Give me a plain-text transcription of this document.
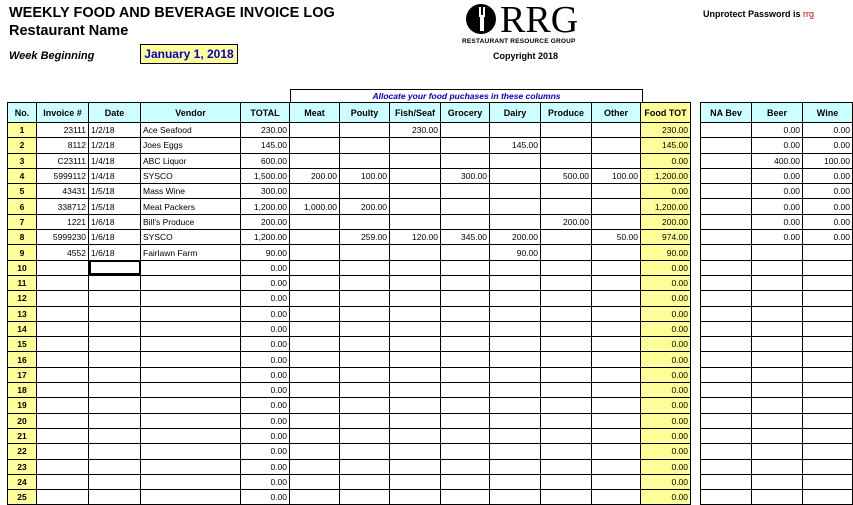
WEEKLY FOOD AND BEVERAGE INVOICE LOG
Restaurant Name
Week Beginning	January 1, 2018
RRG
RESTAURANT RESOURCE GROUP
Copyright 2018
Unprotect Password is rrg
Allocate your food puchases in these columns
No.	Invoice #	Date	Vendor	TOTAL	Meat	Poulty	Fish/Seaf	Grocery	Dairy	Produce	Other	Food TOT
1	23111	1/2/18	Ace Seafood	230.00			230.00					230.00
2	8112	1/2/18	Joes Eggs	145.00					145.00			145.00
3	C23111	1/4/18	ABC Liquor	600.00								0.00
4	5999112	1/4/18	SYSCO	1,500.00	200.00	100.00		300.00		500.00	100.00	1,200.00
5	43431	1/5/18	Mass Wine	300.00								0.00
6	338712	1/5/18	Meat Packers	1,200.00	1,000.00	200.00						1,200.00
7	1221	1/6/18	Bill's Produce	200.00						200.00		200.00
8	5999230	1/6/18	SYSCO	1,200.00		259.00	120.00	345.00	200.00		50.00	974.00
9	4552	1/6/18	Fairlawn Farm	90.00					90.00			90.00
10				0.00								0.00
11				0.00								0.00
12				0.00								0.00
13				0.00								0.00
14				0.00								0.00
15				0.00								0.00
16				0.00								0.00
17				0.00								0.00
18				0.00								0.00
19				0.00								0.00
20				0.00								0.00
21				0.00								0.00
22				0.00								0.00
23				0.00								0.00
24				0.00								0.00
25				0.00								0.00
NA Bev	Beer	Wine
	0.00	0.00
	0.00	0.00
	400.00	100.00
	0.00	0.00
	0.00	0.00
	0.00	0.00
	0.00	0.00
	0.00	0.00
